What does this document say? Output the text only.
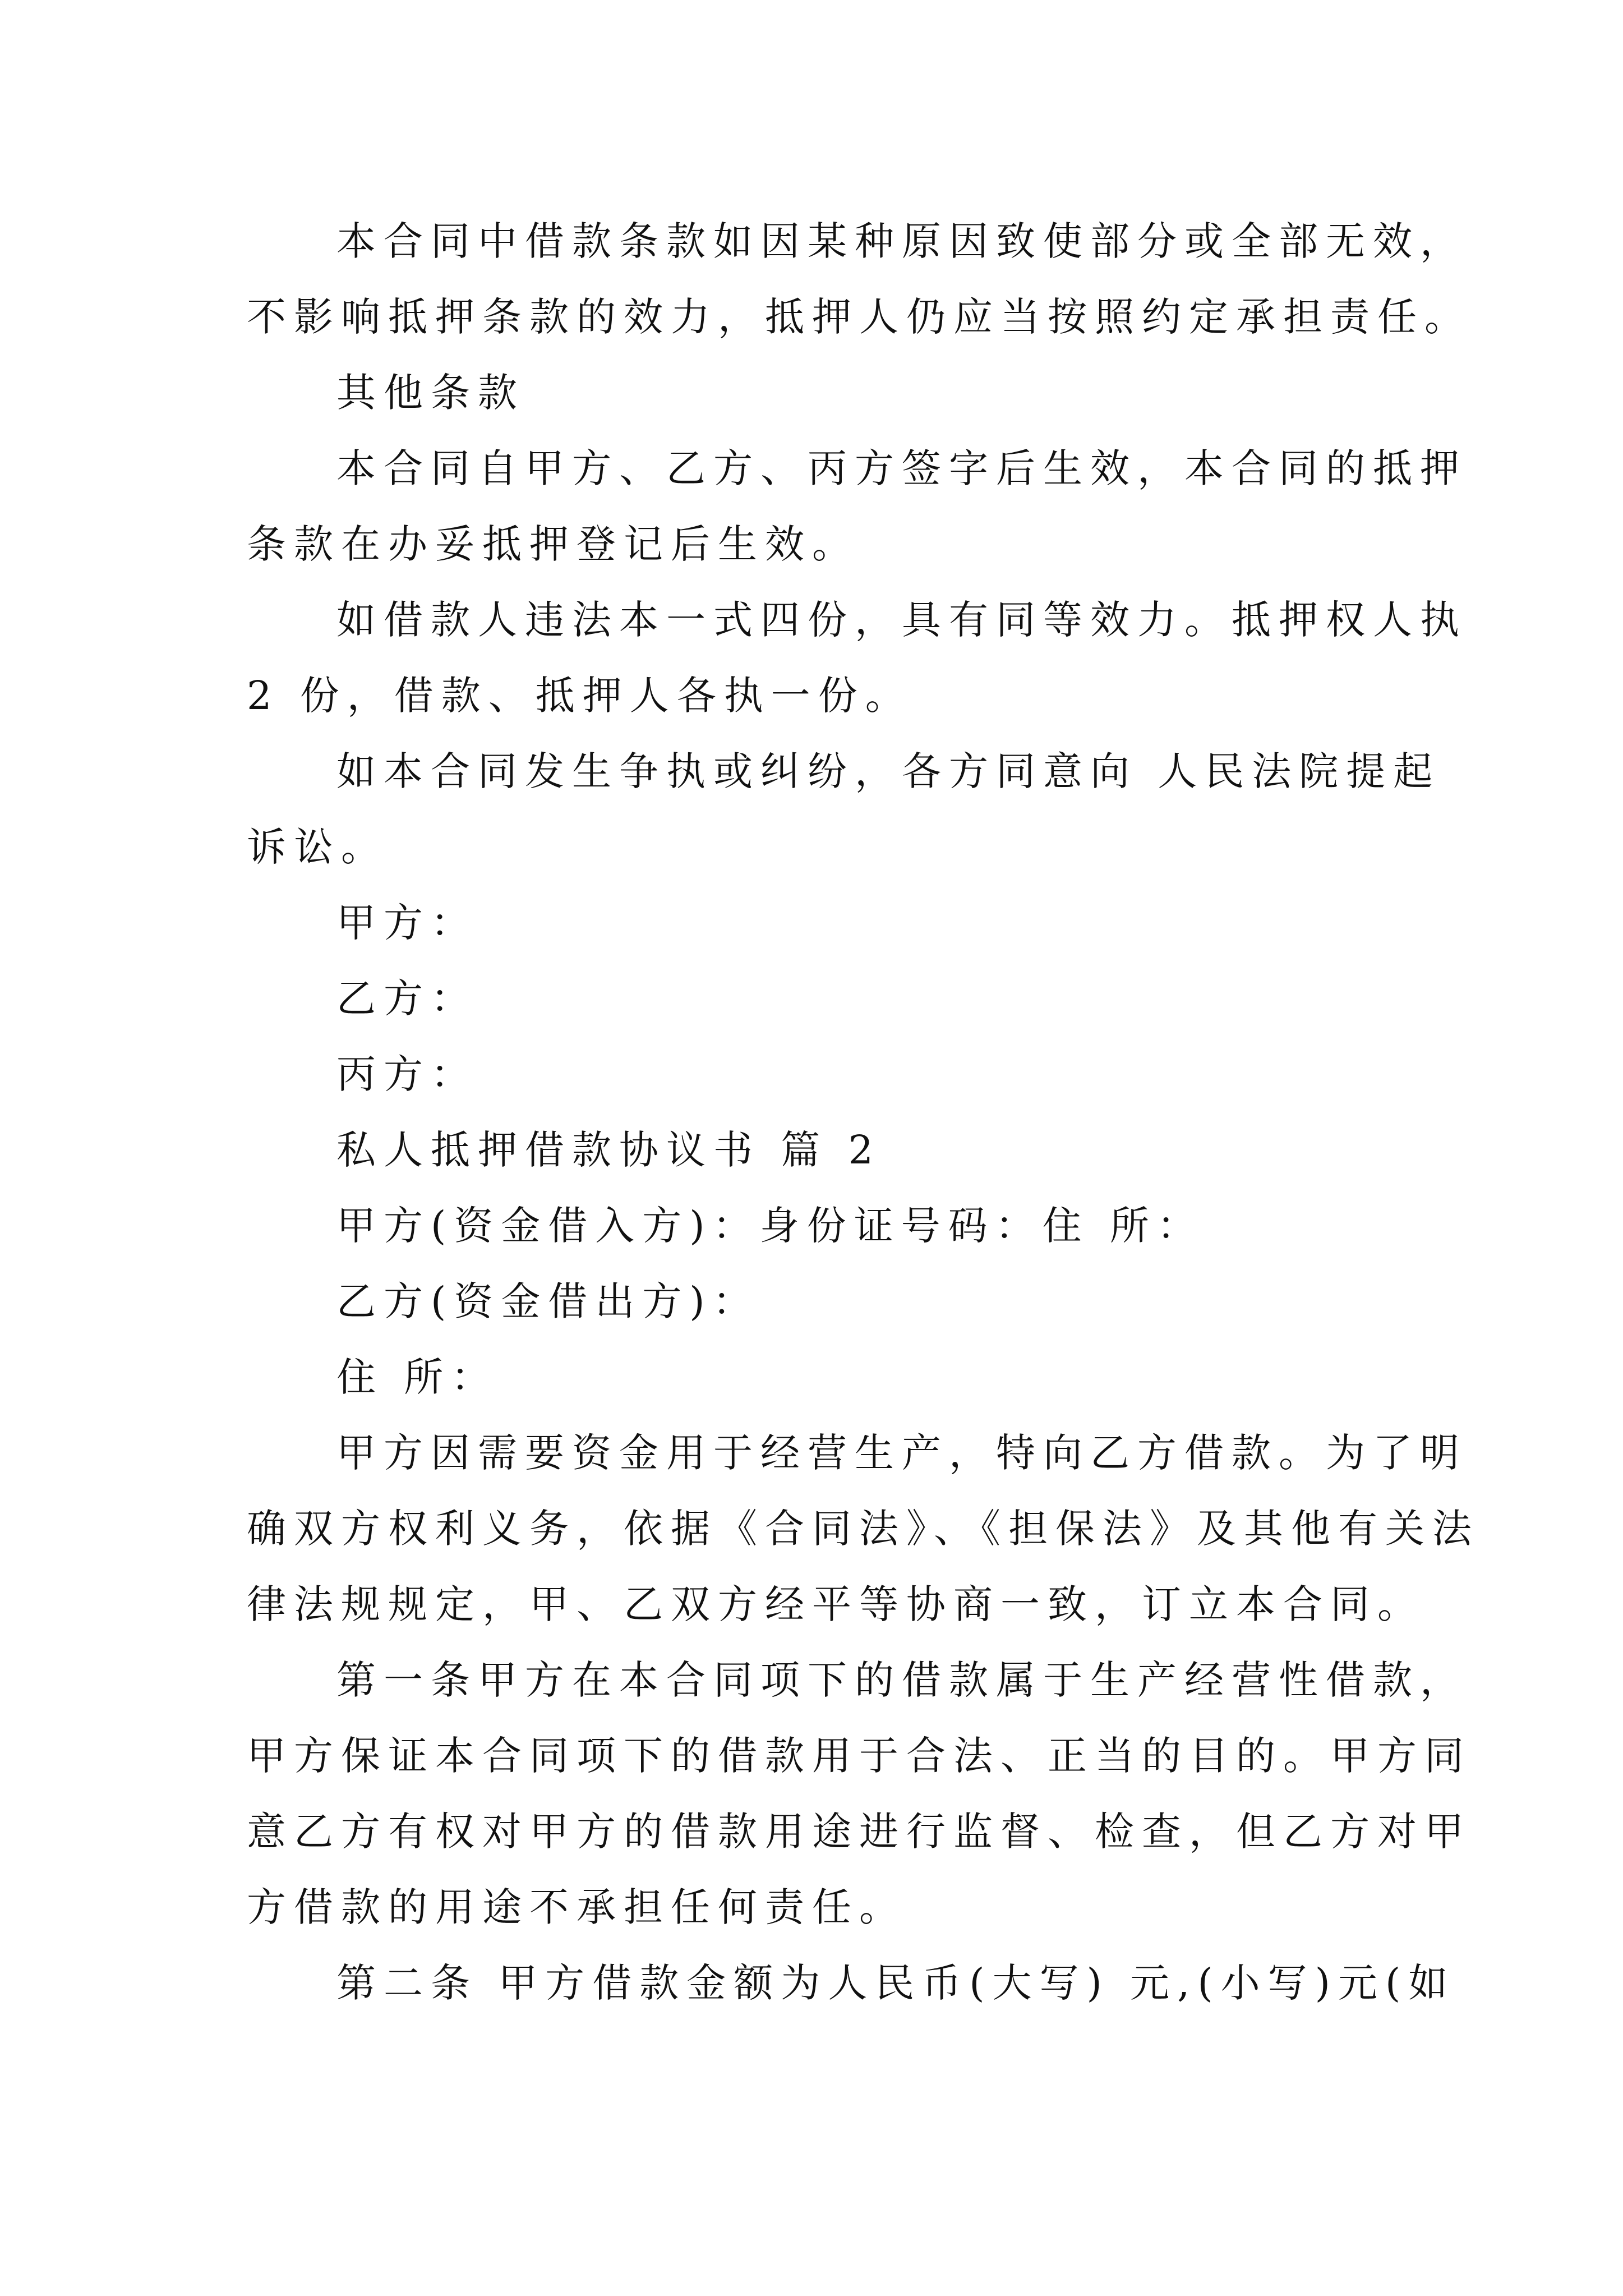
本合同中借款条款如因某种原因致使部分或全部无效，
不影响抵押条款的效力，抵押人仍应当按照约定承担责任。
其他条款
本合同自甲方、乙方、丙方签字后生效，本合同的抵押
条款在办妥抵押登记后生效。
如借款人违法本一式四份，具有同等效力。抵押权人执
2 份，借款、抵押人各执一份。
如本合同发生争执或纠纷，各方同意向 人民法院提起
诉讼。
甲方：
乙方：
丙方：
私人抵押借款协议书 篇 2
甲方(资金借入方)：身份证号码：住 所：
乙方(资金借出方)：
住 所：
甲方因需要资金用于经营生产，特向乙方借款。为了明
确双方权利义务，依据《合同法》、《担保法》及其他有关法
律法规规定，甲、乙双方经平等协商一致，订立本合同。
第一条甲方在本合同项下的借款属于生产经营性借款，
甲方保证本合同项下的借款用于合法、正当的目的。甲方同
意乙方有权对甲方的借款用途进行监督、检查，但乙方对甲
方借款的用途不承担任何责任。
第二条 甲方借款金额为人民币(大写) 元,(小写)元(如
